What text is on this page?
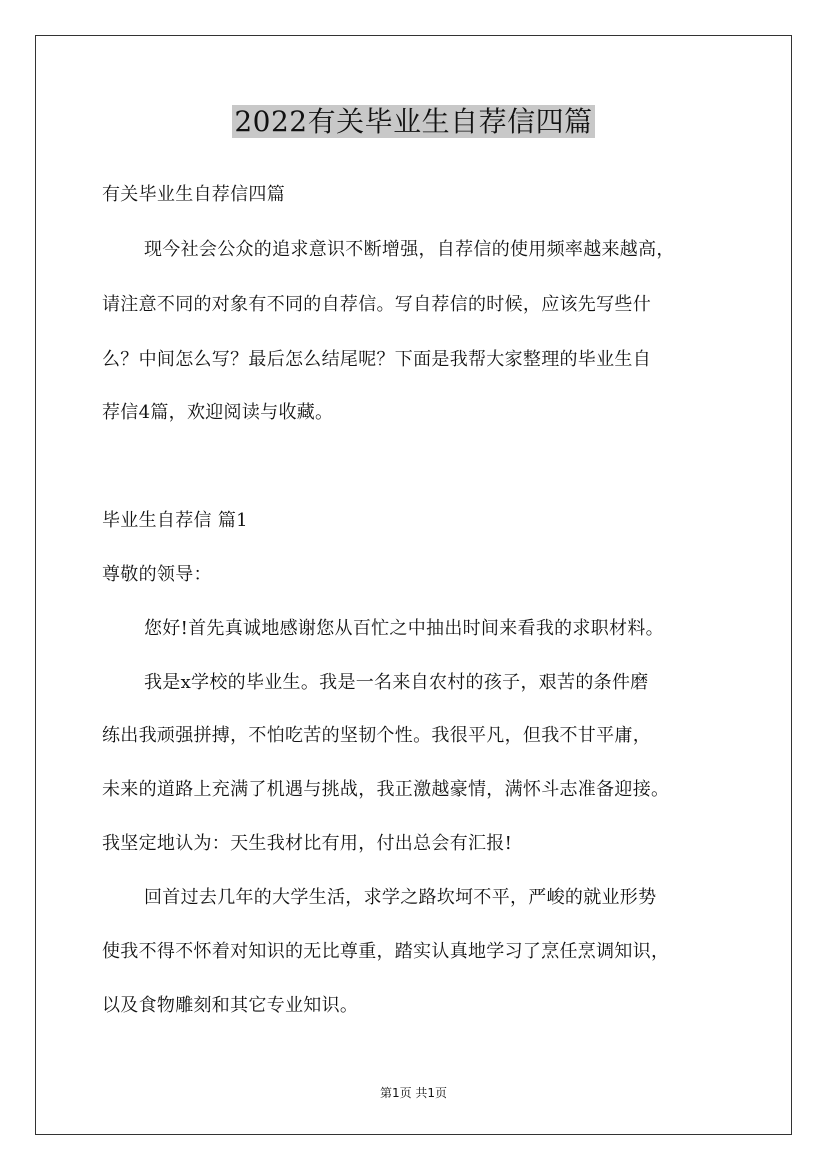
2022有关毕业生自荐信四篇
有关毕业生自荐信四篇
现今社会公众的追求意识不断增强，自荐信的使用频率越来越高，
请注意不同的对象有不同的自荐信。写自荐信的时候，应该先写些什
么？中间怎么写？最后怎么结尾呢？下面是我帮大家整理的毕业生自
荐信4篇，欢迎阅读与收藏。
毕业生自荐信 篇1
尊敬的领导：
您好!首先真诚地感谢您从百忙之中抽出时间来看我的求职材料。
我是x学校的毕业生。我是一名来自农村的孩子，艰苦的条件磨
练出我顽强拼搏，不怕吃苦的坚韧个性。我很平凡，但我不甘平庸，
未来的道路上充满了机遇与挑战，我正激越豪情，满怀斗志准备迎接。
我坚定地认为：天生我材比有用，付出总会有汇报!
回首过去几年的大学生活，求学之路坎坷不平，严峻的就业形势
使我不得不怀着对知识的无比尊重，踏实认真地学习了烹任烹调知识，
以及食物雕刻和其它专业知识。
第1页 共1页
